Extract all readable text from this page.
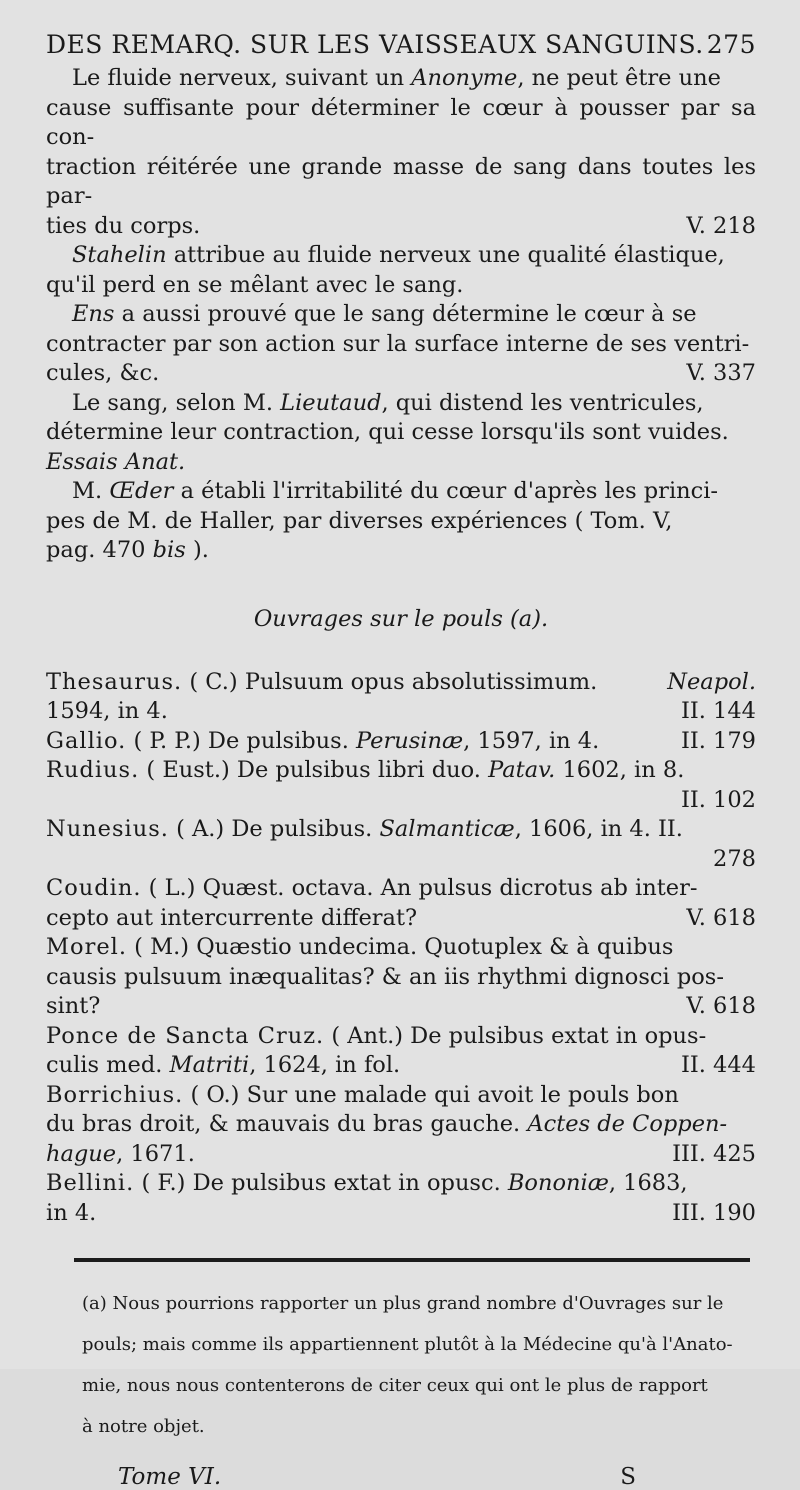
DES REMARQ. SUR LES VAISSEAUX SANGUINS. 275

Le fluide nerveux, suivant un Anonyme, ne peut être une

cause suffisante pour déterminer le cœur à pousser par sa con-

traction réitérée une grande masse de sang dans toutes les par-

ties du corps.	V. 218

Stahelin attribue au fluide nerveux une qualité élastique,

qu'il perd en se mêlant avec le sang.

Ens a aussi prouvé que le sang détermine le cœur à se

contracter par son action sur la surface interne de ses ventri-

cules, &c.	V. 337

Le sang, selon M. Lieutaud, qui distend les ventricules,

détermine leur contraction, qui cesse lorsqu'ils sont vuides.

Essais Anat.

M. Œder a établi l'irritabilité du cœur d'après les princi-

pes de M. de Haller, par diverses expériences ( Tom. V,

pag. 470 bis ).

Ouvrages sur le pouls (a).

Thesaurus. ( C.) Pulsuum opus absolutissimum.	Neapol.

1594, in 4.	II. 144

Gallio. ( P. P.) De pulsibus. Perusinæ, 1597, in 4.	II. 179

Rudius. ( Eust.) De pulsibus libri duo. Patav. 1602, in 8.

II. 102

Nunesius. ( A.) De pulsibus. Salmanticæ, 1606, in 4. II.

278

Coudin. ( L.) Quæst. octava. An pulsus dicrotus ab inter-

cepto aut intercurrente differat?	V. 618

Morel. ( M.) Quæstio undecima. Quotuplex & à quibus

causis pulsuum inæqualitas? & an iis rhythmi dignosci pos-

sint?	V. 618

Ponce de Sancta Cruz. ( Ant.) De pulsibus extat in opus-

culis med. Matriti, 1624, in fol.	II. 444

Borrichius. ( O.) Sur une malade qui avoit le pouls bon

du bras droit, & mauvais du bras gauche. Actes de Coppen-

hague, 1671.	III. 425

Bellini. ( F.) De pulsibus extat in opusc. Bononiæ, 1683,

in 4.	III. 190

(a) Nous pourrions rapporter un plus grand nombre d'Ouvrages sur le

pouls; mais comme ils appartiennent plutôt à la Médecine qu'à l'Anato-

mie, nous nous contenterons de citer ceux qui ont le plus de rapport

à notre objet.

Tome VI.	S
